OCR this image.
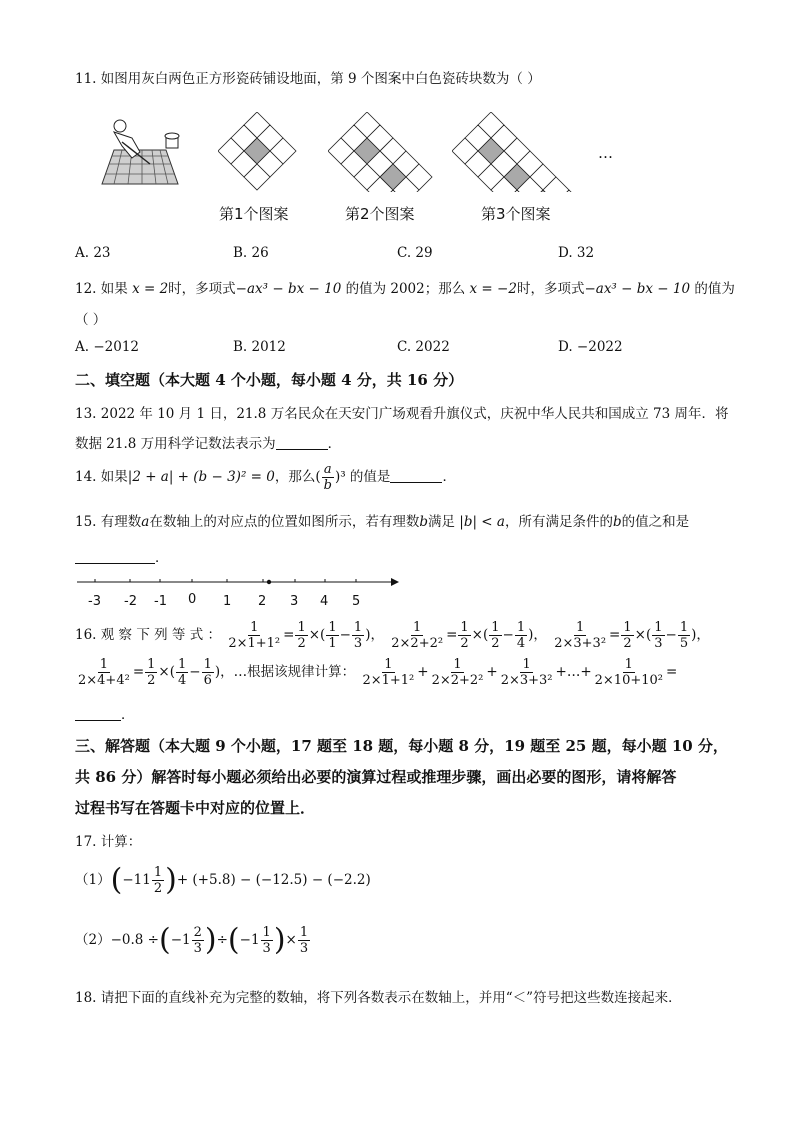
11. 如图用灰白两色正方形瓷砖铺设地面，第 9 个图案中白色瓷砖块数为（ ）
…
第1个图案	第2个图案	第3个图案
A. 23	B. 26	C. 29	D. 32
12. 如果 x = 2时，多项式−ax³ − bx − 10 的值为 2002；那么 x = −2时，多项式−ax³ − bx − 10 的值为
（ ）
A. −2012	B. 2012	C. 2022	D. −2022
二、填空题（本大题 4 个小题，每小题 4 分，共 16 分）
13. 2022 年 10 月 1 日，21.8 万名民众在天安门广场观看升旗仪式，庆祝中华人民共和国成立 73 周年．将
数据 21.8 万用科学记数法表示为	．
14. 如果|2 + a| + (b − 3)² = 0，那么( $\frac{a}{b} )^3$ 的值是	．
15. 有理数a在数轴上的对应点的位置如图所示，若有理数b满足 |b| < a，所有满足条件的b的值之和是
．
-3 -2 -1 0 1 2 3 4 5
16. 观 察 下 列 等 式 ： $\frac{1}{\text{2×1+1²}} = \frac{1}{2}$ ×( $\frac{1}{1} - \frac{1}{3}$ )， $\frac{1}{\text{2×2+2²}} = \frac{1}{2}$ ×( $\frac{1}{2} - \frac{1}{4}$ )， $\frac{1}{\text{2×3+3²}} = \frac{1}{2}$ ×( $\frac{1}{3} - \frac{1}{5}$ )，
$\frac{1}{\text{2×4+4²}} = \frac{1}{2}$ ×( $\frac{1}{4} - \frac{1}{6}$ )，…根据该规律计算： $\frac{1}{\text{2×1+1²}} + \frac{1}{\text{2×2+2²}} + \frac{1}{\text{2×3+3²}}$ +…+ $\frac{1}{\text{2×10+10²}}$ =
．
三、解答题（本大题 9 个小题，17 题至 18 题，每小题 8 分，19 题至 25 题，每小题 10 分，
共 86 分）解答时每小题必须给出必要的演算过程或推理步骤，画出必要的图形，请将解答
过程书写在答题卡中对应的位置上．
17. 计算：
$(1)(-11 \frac{1}{2}$ )+ (+5.8) − (−12.5) − (−2.2)
$(2)-0.8 \div(-1 \frac{2}{3} )\div(-1 \frac{1}{3}$ )× $\frac{1}{3}$
18. 请把下面的直线补充为完整的数轴，将下列各数表示在数轴上，并用“＜”符号把这些数连接起来．
